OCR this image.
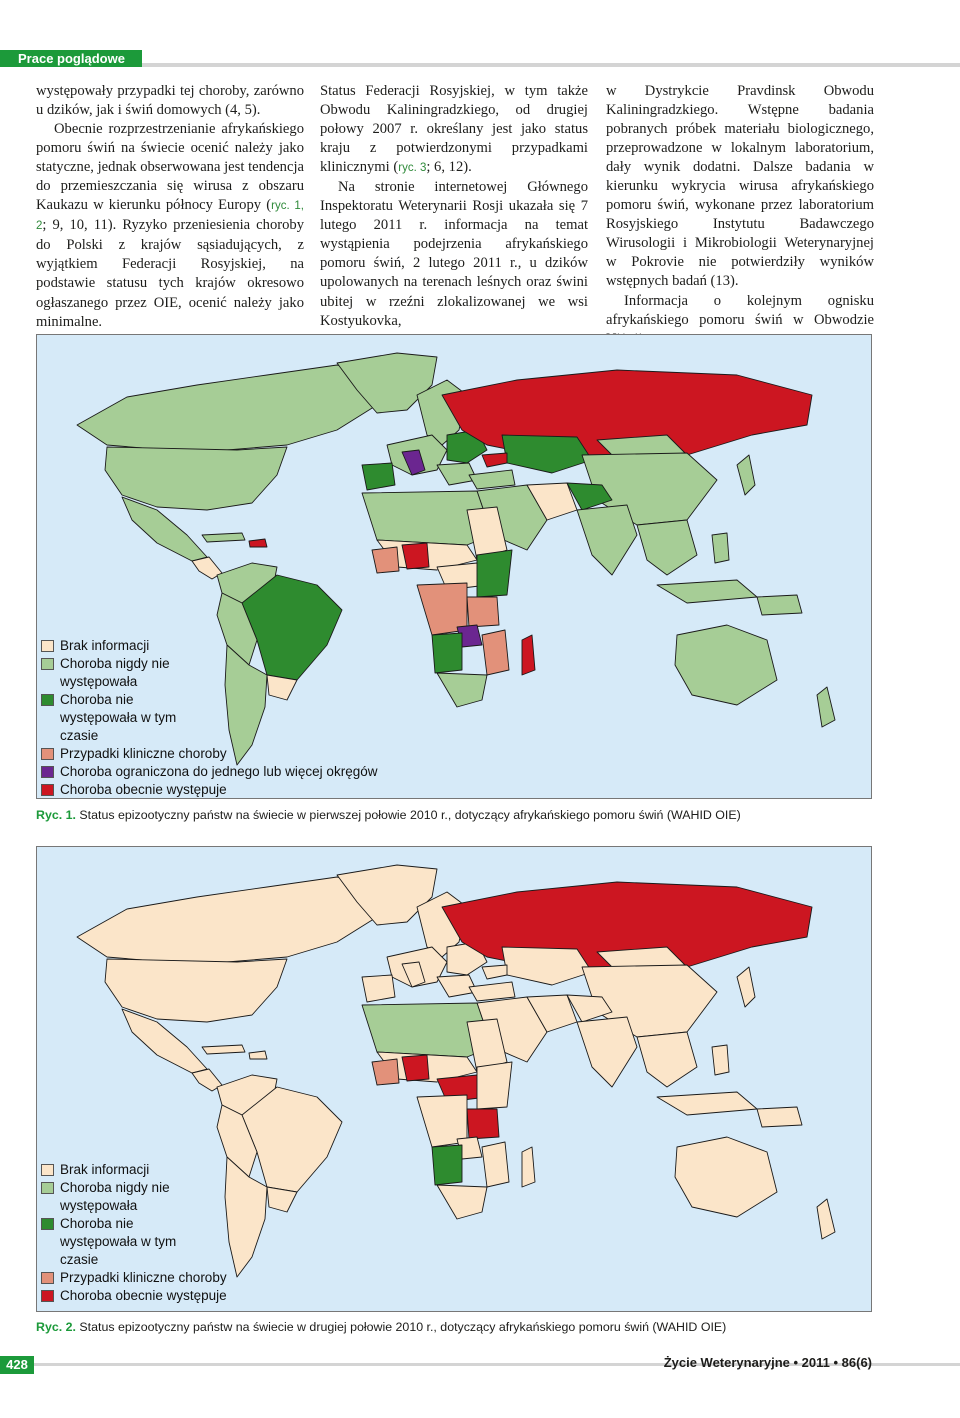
Prace poglądowe

występowały przypadki tej choroby, zarówno u dzików, jak i świń domowych (4, 5).

Obecnie rozprzestrzenianie afrykańskiego pomoru świń na świecie ocenić należy jako statyczne, jednak obserwowana jest tendencja do przemieszczania się wirusa z obszaru Kaukazu w kierunku północy Europy (ryc. 1, 2; 9, 10, 11). Ryzyko przeniesienia choroby do Polski z krajów sąsiadujących, z wyjątkiem Federacji Rosyjskiej, na podstawie statusu tych krajów okresowo ogłaszanego przez OIE, ocenić należy jako minimalne.

Status Federacji Rosyjskiej, w tym także Obwodu Kaliningradzkiego, od drugiej połowy 2007 r. określany jest jako status kraju z potwierdzonymi przypadkami klinicznymi (ryc. 3; 6, 12).

Na stronie internetowej Głównego Inspektoratu Weterynarii Rosji ukazała się 7 lutego 2011 r. informacja na temat wystąpienia podejrzenia afrykańskiego pomoru świń, 2 lutego 2011 r., u dzików upolowanych na terenach leśnych oraz świni ubitej w rzeźni zlokalizowanej we wsi Kostyukovka,

w Dystrykcie Pravdinsk Obwodu Kaliningradzkiego. Wstępne badania pobranych próbek materiału biologicznego, przeprowadzone w lokalnym laboratorium, dały wynik dodatni. Dalsze badania w kierunku wykrycia wirusa afrykańskiego pomoru świń, wykonane przez laboratorium Rosyjskiego Instytutu Badawczego Wirusologii i Mikrobiologii Weterynaryjnej w Pokrovie nie potwierdziły wyników wstępnych badań (13).

Informacja o kolejnym ognisku afrykańskiego pomoru świń w Obwodzie

Brak informacji
Choroba nigdy nie występowała
Choroba nie występowała w tym czasie
Przypadki kliniczne choroby
Choroba ograniczona do jednego lub więcej okręgów
Choroba obecnie występuje
Ryc. 1. Status epizootyczny państw na świecie w pierwszej połowie 2010 r., dotyczący afrykańskiego pomoru świń (WAHID OIE)
Brak informacji
Choroba nigdy nie występowała
Choroba nie występowała w tym czasie
Przypadki kliniczne choroby
Choroba obecnie występuje
Ryc. 2. Status epizootyczny państw na świecie w drugiej połowie 2010 r., dotyczący afrykańskiego pomoru świń (WAHID OIE)
428	Życie Weterynaryjne • 2011 • 86(6)
